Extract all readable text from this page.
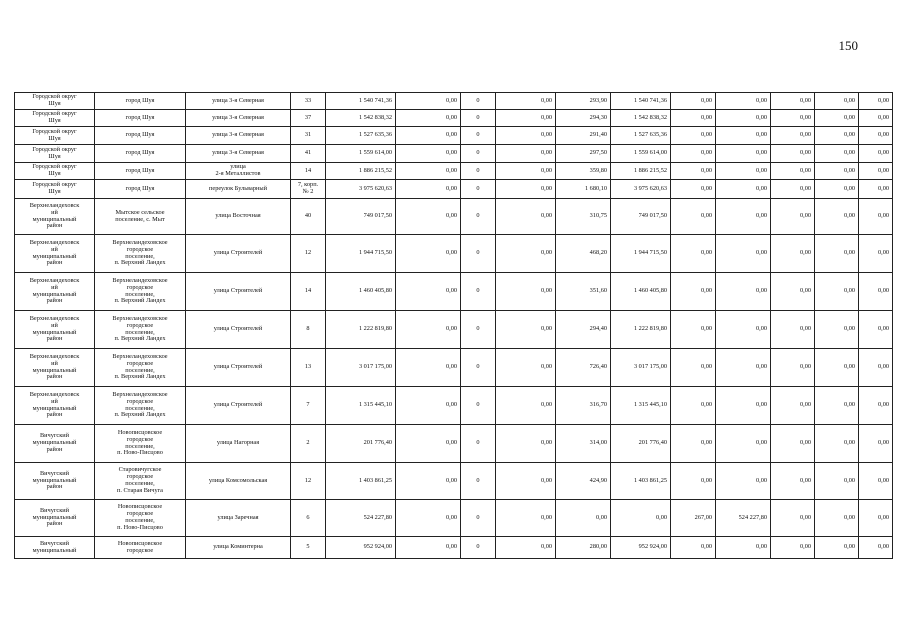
150
Городской округ
Шуя	город Шуя	улица 3-я Северная	33	1 540 741,36	0,00	0	0,00	293,90	1 540 741,36	0,00	0,00	0,00	0,00	0,00
Городской округ
Шуя	город Шуя	улица 3-я Северная	37	1 542 838,32	0,00	0	0,00	294,30	1 542 838,32	0,00	0,00	0,00	0,00	0,00
Городской округ
Шуя	город Шуя	улица 3-я Северная	31	1 527 635,36	0,00	0	0,00	291,40	1 527 635,36	0,00	0,00	0,00	0,00	0,00
Городской округ
Шуя	город Шуя	улица 3-я Северная	41	1 559 614,00	0,00	0	0,00	297,50	1 559 614,00	0,00	0,00	0,00	0,00	0,00
Городской округ
Шуя	город Шуя	улица
2-я Металлистов	14	1 886 215,52	0,00	0	0,00	359,80	1 886 215,52	0,00	0,00	0,00	0,00	0,00
Городской округ
Шуя	город Шуя	переулок Бульварный	7, корп.
№ 2	3 975 620,63	0,00	0	0,00	1 680,10	3 975 620,63	0,00	0,00	0,00	0,00	0,00
Верхнеландеховск
ий
муниципальный
район	Мытское сельское
поселение, с. Мыт	улица Восточная	40	749 017,50	0,00	0	0,00	310,75	749 017,50	0,00	0,00	0,00	0,00	0,00
Верхнеландеховск
ий
муниципальный
район	Верхнеландеховское
городское
поселение,
п. Верхний Ландех	улица Строителей	12	1 944 715,50	0,00	0	0,00	468,20	1 944 715,50	0,00	0,00	0,00	0,00	0,00
Верхнеландеховск
ий
муниципальный
район	Верхнеландеховское
городское
поселение,
п. Верхний Ландех	улица Строителей	14	1 460 405,80	0,00	0	0,00	351,60	1 460 405,80	0,00	0,00	0,00	0,00	0,00
Верхнеландеховск
ий
муниципальный
район	Верхнеландеховское
городское
поселение,
п. Верхний Ландех	улица Строителей	8	1 222 819,80	0,00	0	0,00	294,40	1 222 819,80	0,00	0,00	0,00	0,00	0,00
Верхнеландеховск
ий
муниципальный
район	Верхнеландеховское
городское
поселение,
п. Верхний Ландех	улица Строителей	13	3 017 175,00	0,00	0	0,00	726,40	3 017 175,00	0,00	0,00	0,00	0,00	0,00
Верхнеландеховск
ий
муниципальный
район	Верхнеландеховское
городское
поселение,
п. Верхний Ландех	улица Строителей	7	1 315 445,10	0,00	0	0,00	316,70	1 315 445,10	0,00	0,00	0,00	0,00	0,00
Вичугский
муниципальный
район	Новописцовское
городское
поселение,
п. Ново-Писцово	улица Нагорная	2	201 776,40	0,00	0	0,00	314,00	201 776,40	0,00	0,00	0,00	0,00	0,00
Вичугский
муниципальный
район	Старовичугское
городское
поселение,
п. Старая Вичуга	улица Комсомольская	12	1 403 861,25	0,00	0	0,00	424,90	1 403 861,25	0,00	0,00	0,00	0,00	0,00
Вичугский
муниципальный
район	Новописцовское
городское
поселение,
п. Ново-Писцово	улица Заречная	6	524 227,80	0,00	0	0,00	0,00	0,00	267,00	524 227,80	0,00	0,00	0,00
Вичугский
муниципальный	Новописцовское
городское	улица Коминтерна	5	952 924,00	0,00	0	0,00	280,00	952 924,00	0,00	0,00	0,00	0,00	0,00
